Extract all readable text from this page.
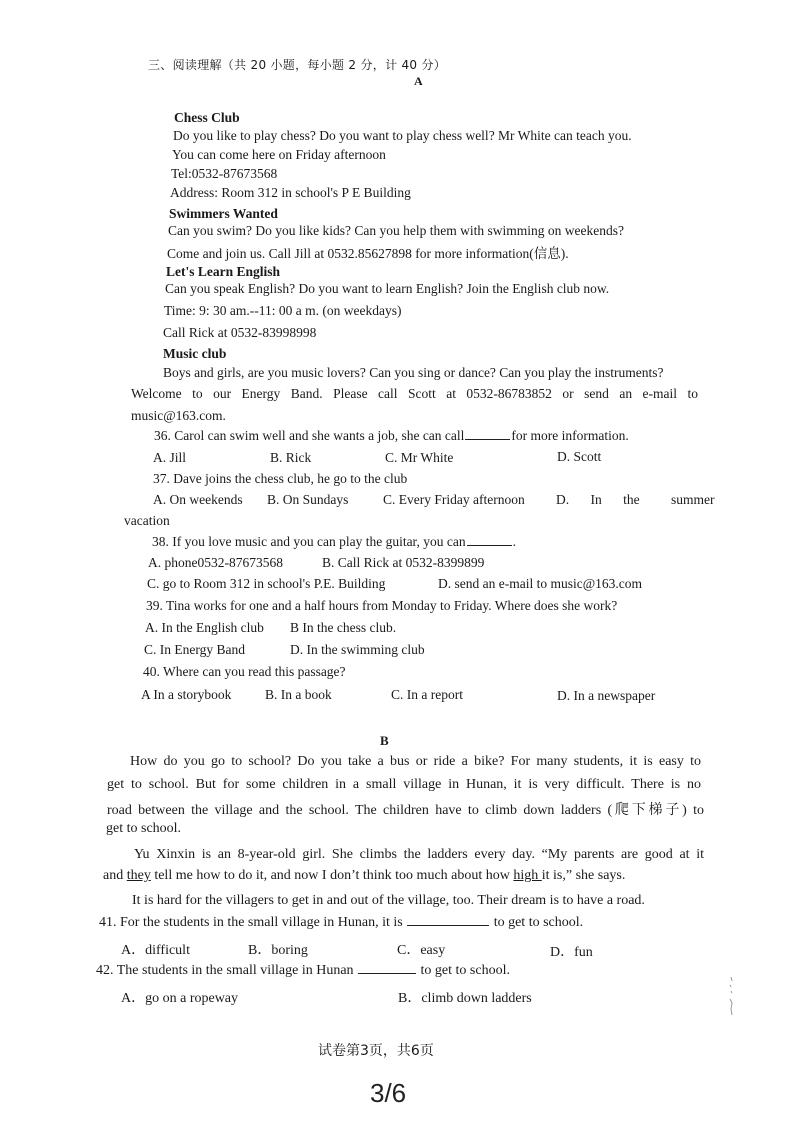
三、阅读理解（共 20 小题，每小题 2 分，计 40 分）
A
Chess Club
Do you like to play chess? Do you want to play chess well? Mr White can teach you.
You can come here on Friday afternoon
Tel:0532-87673568
Address: Room 312 in school's P E Building
Swimmers Wanted
Can you swim? Do you like kids? Can you help them with swimming on weekends?
Come and join us. Call Jill at 0532.85627898 for more information(信息).
Let's Learn English
Can you speak English? Do you want to learn English? Join the English club now.
Time: 9: 30 am.--11: 00 a m. (on weekdays)
Call Rick at 0532-83998998
Music club
Boys and girls, are you music lovers? Can you sing or dance? Can you play the instruments?
Welcome to our Energy Band. Please call Scott at 0532-86783852 or send an e-mail to
music@163.com.
36. Carol can swim well and she wants a job, she can call	for more information.
A. Jill	B. Rick	C. Mr White	D. Scott
37. Dave joins the chess club, he go to the club
A. On weekends B. On Sundays	C. Every Friday afternoon D. In the summer
vacation
38. If you love music and you can play the guitar, you can	.
A. phone0532-87673568	B. Call Rick at 0532-8399899
C. go to Room 312 in school's P.E. Building	D. send an e-mail to music@163.com
39. Tina works for one and a half hours from Monday to Friday. Where does she work?
A. In the English club B In the chess club.
C. In Energy Band	D. In the swimming club
40. Where can you read this passage?
A In a storybook B. In a book	C. In a report	D. In a newspaper
B
How do you go to school? Do you take a bus or ride a bike? For many students, it is easy to
get to school. But for some children in a small village in Hunan, it is very difficult. There is no
road between the village and the school. The children have to climb down ladders (爬下梯子) to
get to school.
Yu Xinxin is an 8-year-old girl. She climbs the ladders every day. “My parents are good at it
and they tell me how to do it, and now I don’t think too much about how high it is,” she says.
It is hard for the villagers to get in and out of the village, too. Their dream is to have a road.
41. For the students in the small village in Hunan, it is	to get to school.
A．difficult	B．boring	C．easy	D．fun
42. The students in the small village in Hunan	to get to school.
A．go on a ropeway	B．climb down ladders
试卷第3页，共6页
3/6
